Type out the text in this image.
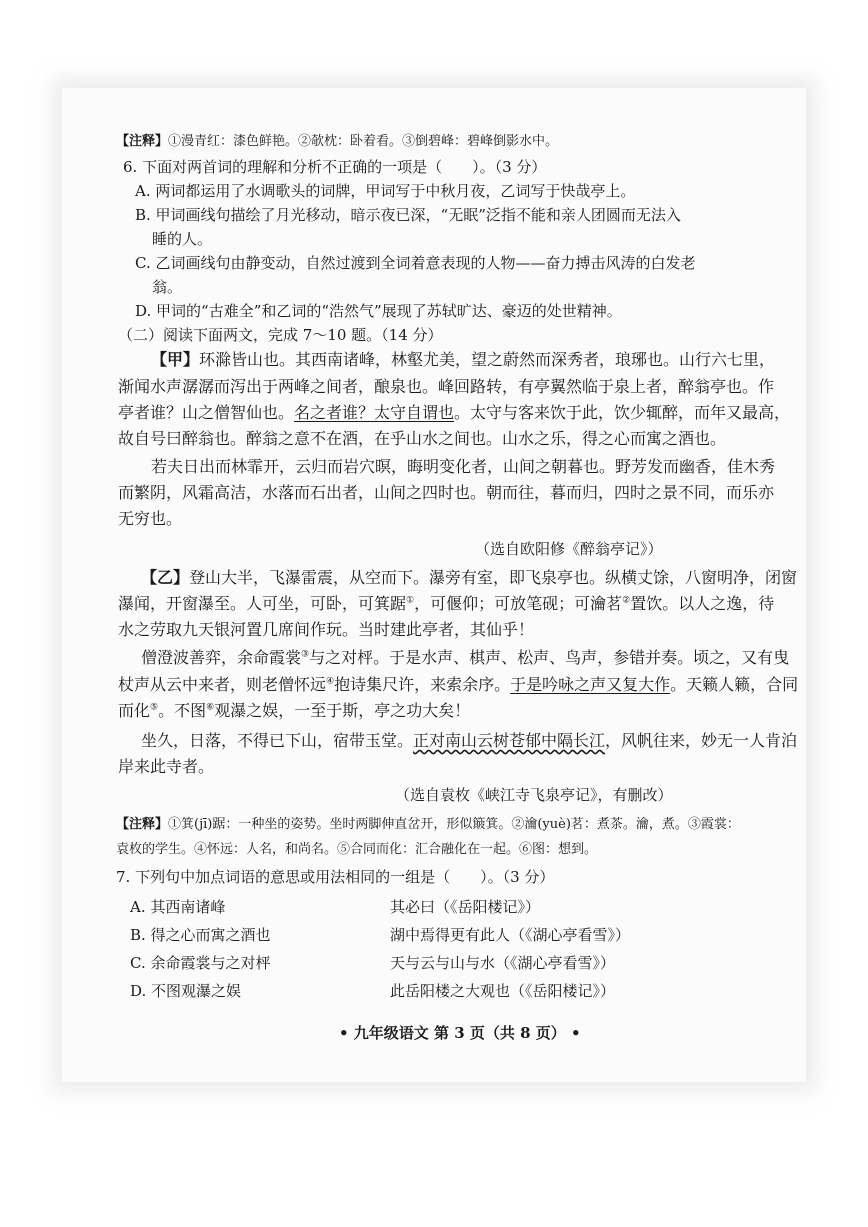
【注释】①漫青红：漆色鲜艳。②欹枕：卧着看。③倒碧峰：碧峰倒影水中。
6. 下面对两首词的理解和分析不正确的一项是（　　）。（3 分）
A. 两词都运用了水调歌头的词牌，甲词写于中秋月夜，乙词写于快哉亭上。
B. 甲词画线句描绘了月光移动，暗示夜已深，“无眠”泛指不能和亲人团圆而无法入
睡的人。
C. 乙词画线句由静变动，自然过渡到全词着意表现的人物——奋力搏击风涛的白发老
翁。
D. 甲词的“古难全”和乙词的“浩然气”展现了苏轼旷达、豪迈的处世精神。
（二）阅读下面两文，完成 7～10 题。（14 分）
【甲】环滁皆山也。其西南诸峰，林壑尤美，望之蔚然而深秀者，琅琊也。山行六七里，
渐闻水声潺潺而泻出于两峰之间者，酿泉也。峰回路转，有亭翼然临于泉上者，醉翁亭也。作
亭者谁？山之僧智仙也。名之者谁？太守自谓也。太守与客来饮于此，饮少辄醉，而年又最高，
故自号曰醉翁也。醉翁之意不在酒，在乎山水之间也。山水之乐，得之心而寓之酒也。
若夫日出而林霏开，云归而岩穴暝，晦明变化者，山间之朝暮也。野芳发而幽香，佳木秀
而繁阴，风霜高洁，水落而石出者，山间之四时也。朝而往，暮而归，四时之景不同，而乐亦
无穷也。
（选自欧阳修《醉翁亭记》）
【乙】登山大半，飞瀑雷震，从空而下。瀑旁有室，即飞泉亭也。纵横丈馀，八窗明净，闭窗
瀑闻，开窗瀑至。人可坐，可卧，可箕踞①，可偃仰；可放笔砚；可瀹茗②置饮。以人之逸，待
水之劳取九天银河置几席间作玩。当时建此亭者，其仙乎！
僧澄波善弈，余命霞裳③与之对枰。于是水声、棋声、松声、鸟声，参错并奏。顷之，又有曳
杖声从云中来者，则老僧怀远④抱诗集尺许，来索余序。于是吟咏之声又复大作。天籁人籁，合同
而化⑤。不图⑥观瀑之娱，一至于斯，亭之功大矣！
坐久，日落，不得已下山，宿带玉堂。正对南山云树苍郁中隔长江，风帆往来，妙无一人肯泊
岸来此寺者。
（选自袁枚《峡江寺飞泉亭记》，有删改）
【注释】①箕(jī)踞：一种坐的姿势。坐时两脚伸直岔开，形似簸箕。②瀹(yuè)茗：煮茶。瀹，煮。③霞裳：
袁枚的学生。④怀远：人名，和尚名。⑤合同而化：汇合融化在一起。⑥图：想到。
7. 下列句中加点词语的意思或用法相同的一组是（　　）。（3 分）
A. 其西南诸峰	其必曰（《岳阳楼记》）
B. 得之心而寓之酒也	湖中焉得更有此人（《湖心亭看雪》）
C. 余命霞裳与之对枰	天与云与山与水（《湖心亭看雪》）
D. 不图观瀑之娱	此岳阳楼之大观也（《岳阳楼记》）
• 九年级语文 第 3 页（共 8 页） •
